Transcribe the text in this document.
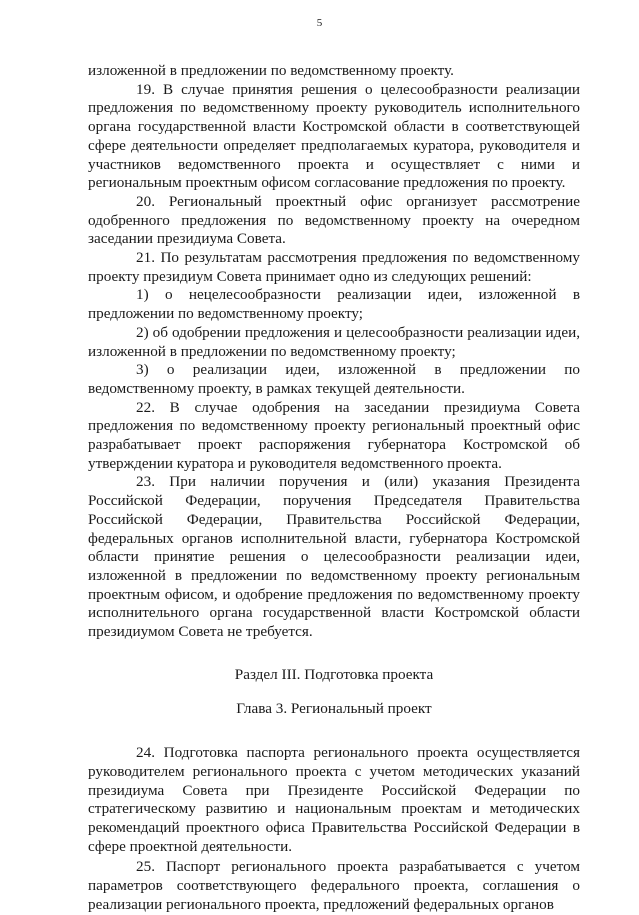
5

изложенной в предложении по ведомственному проекту.

19. В случае принятия решения о целесообразности реализации предложения по ведомственному проекту руководитель исполнительного органа государственной власти Костромской области в соответствующей сфере деятельности определяет предполагаемых куратора, руководителя и участников ведомственного проекта и осуществляет с ними и региональным проектным офисом согласование предложения по проекту.

20. Региональный проектный офис организует рассмотрение одобренного предложения по ведомственному проекту на очередном заседании президиума Совета.

21. По результатам рассмотрения предложения по ведомственному проекту президиум Совета принимает одно из следующих решений:

1) о нецелесообразности реализации идеи, изложенной в предложении по ведомственному проекту;

2) об одобрении предложения и целесообразности реализации идеи, изложенной в предложении по ведомственному проекту;

3) о реализации идеи, изложенной в предложении по ведомственному проекту, в рамках текущей деятельности.

22. В случае одобрения на заседании президиума Совета предложения по ведомственному проекту региональный проектный офис разрабатывает проект распоряжения губернатора Костромской об утверждении куратора и руководителя ведомственного проекта.

23. При наличии поручения и (или) указания Президента Российской Федерации, поручения Председателя Правительства Российской Федерации, Правительства Российской Федерации, федеральных органов исполнительной власти, губернатора Костромской области принятие решения о целесообразности реализации идеи, изложенной в предложении по ведомственному проекту региональным проектным офисом, и одобрение предложения по ведомственному проекту исполнительного органа государственной власти Костромской области президиумом Совета не требуется.

Раздел III. Подготовка проекта

Глава 3. Региональный проект

24. Подготовка паспорта регионального проекта осуществляется руководителем регионального проекта с учетом методических указаний президиума Совета при Президенте Российской Федерации по стратегическому развитию и национальным проектам и методических рекомендаций проектного офиса Правительства Российской Федерации в сфере проектной деятельности.

25. Паспорт регионального проекта разрабатывается с учетом параметров соответствующего федерального проекта, соглашения о реализации регионального проекта, предложений федеральных органов
